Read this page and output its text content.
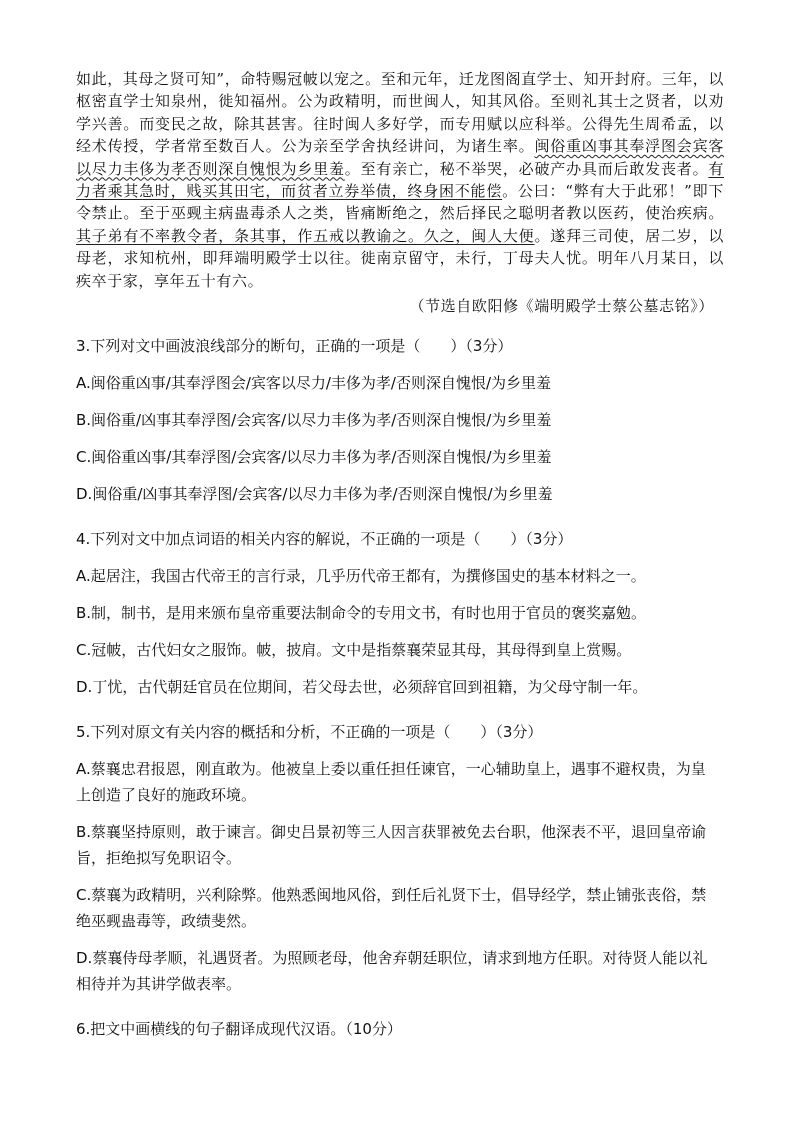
如此，其母之贤可知”，命特赐冠帔以宠之。至和元年，迁龙图阁直学士、知开封府。三年，以枢密直学士知泉州，徙知福州。公为政精明，而世闽人，知其风俗。至则礼其士之贤者，以劝学兴善。而变民之故，除其甚害。往时闽人多好学，而专用赋以应科举。公得先生周希孟，以经术传授，学者常至数百人。公为亲至学舍执经讲问，为诸生率。闽俗重凶事其奉浮图会宾客以尽力丰侈为孝否则深自愧恨为乡里羞。至有亲亡，秘不举哭，必破产办具而后敢发丧者。有力者乘其急时，贱买其田宅，而贫者立券举债，终身困不能偿。公曰：“弊有大于此邪！”即下令禁止。至于巫觋主病蛊毒杀人之类，皆痛断绝之，然后择民之聪明者教以医药，使治疾病。其子弟有不率教令者，条其事，作五戒以教谕之。久之，闽人大便。遂拜三司使，居二岁，以母老，求知杭州，即拜端明殿学士以往。徙南京留守，未行，丁母夫人忧。明年八月某日，以疾卒于家，享年五十有六。

（节选自欧阳修《端明殿学士蔡公墓志铭》）

3.下列对文中画波浪线部分的断句，正确的一项是（　　）（3分）

A.闽俗重凶事/其奉浮图会/宾客以尽力/丰侈为孝/否则深自愧恨/为乡里羞

B.闽俗重/凶事其奉浮图/会宾客/以尽力丰侈为孝/否则深自愧恨/为乡里羞

C.闽俗重凶事/其奉浮图/会宾客/以尽力丰侈为孝/否则深自愧恨/为乡里羞

D.闽俗重/凶事其奉浮图/会宾客/以尽力丰侈为孝/否则深自愧恨/为乡里羞

4.下列对文中加点词语的相关内容的解说，不正确的一项是（　　）（3分）

A.起居注，我国古代帝王的言行录，几乎历代帝王都有，为撰修国史的基本材料之一。

B.制，制书，是用来颁布皇帝重要法制命令的专用文书，有时也用于官员的褒奖嘉勉。

C.冠帔，古代妇女之服饰。帔，披肩。文中是指蔡襄荣显其母，其母得到皇上赏赐。

D.丁忧，古代朝廷官员在位期间，若父母去世，必须辞官回到祖籍，为父母守制一年。

5.下列对原文有关内容的概括和分析，不正确的一项是（　　）（3分）

A.蔡襄忠君报恩，刚直敢为。他被皇上委以重任担任谏官，一心辅助皇上，遇事不避权贵，为皇上创造了良好的施政环境。

B.蔡襄坚持原则，敢于谏言。御史吕景初等三人因言获罪被免去台职，他深表不平，退回皇帝谕旨，拒绝拟写免职诏令。

C.蔡襄为政精明，兴利除弊。他熟悉闽地风俗，到任后礼贤下士，倡导经学，禁止铺张丧俗，禁绝巫觋蛊毒等，政绩斐然。

D.蔡襄侍母孝顺，礼遇贤者。为照顾老母，他舍弃朝廷职位，请求到地方任职。对待贤人能以礼相待并为其讲学做表率。

6.把文中画横线的句子翻译成现代汉语。（10分）
